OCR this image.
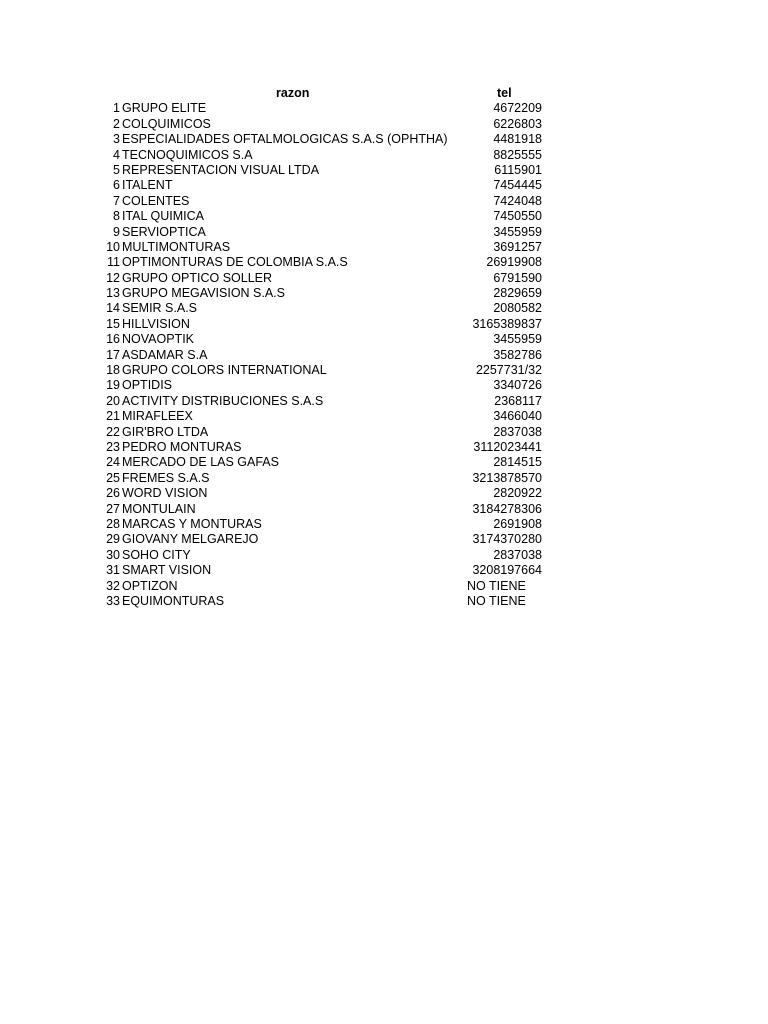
razon	tel
1 GRUPO ELITE	4672209
2 COLQUIMICOS	6226803
3 ESPECIALIDADES OFTALMOLOGICAS S.A.S (OPHTHA)	4481918
4 TECNOQUIMICOS S.A	8825555
5 REPRESENTACION VISUAL LTDA	6115901
6 ITALENT	7454445
7 COLENTES	7424048
8 ITAL QUIMICA	7450550
9 SERVIOPTICA	3455959
10 MULTIMONTURAS	3691257
11 OPTIMONTURAS DE COLOMBIA S.A.S	26919908
12 GRUPO OPTICO SOLLER	6791590
13 GRUPO MEGAVISION S.A.S	2829659
14 SEMIR S.A.S	2080582
15 HILLVISION	3165389837
16 NOVAOPTIK	3455959
17 ASDAMAR S.A	3582786
18 GRUPO COLORS INTERNATIONAL	2257731/32
19 OPTIDIS	3340726
20 ACTIVITY DISTRIBUCIONES S.A.S	2368117
21 MIRAFLEEX	3466040
22 GIR'BRO LTDA	2837038
23 PEDRO MONTURAS	3112023441
24 MERCADO DE LAS GAFAS	2814515
25 FREMES S.A.S	3213878570
26 WORD VISION	2820922
27 MONTULAIN	3184278306
28 MARCAS Y MONTURAS	2691908
29 GIOVANY MELGAREJO	3174370280
30 SOHO CITY	2837038
31 SMART VISION	3208197664
32 OPTIZON	NO TIENE
33 EQUIMONTURAS	NO TIENE
